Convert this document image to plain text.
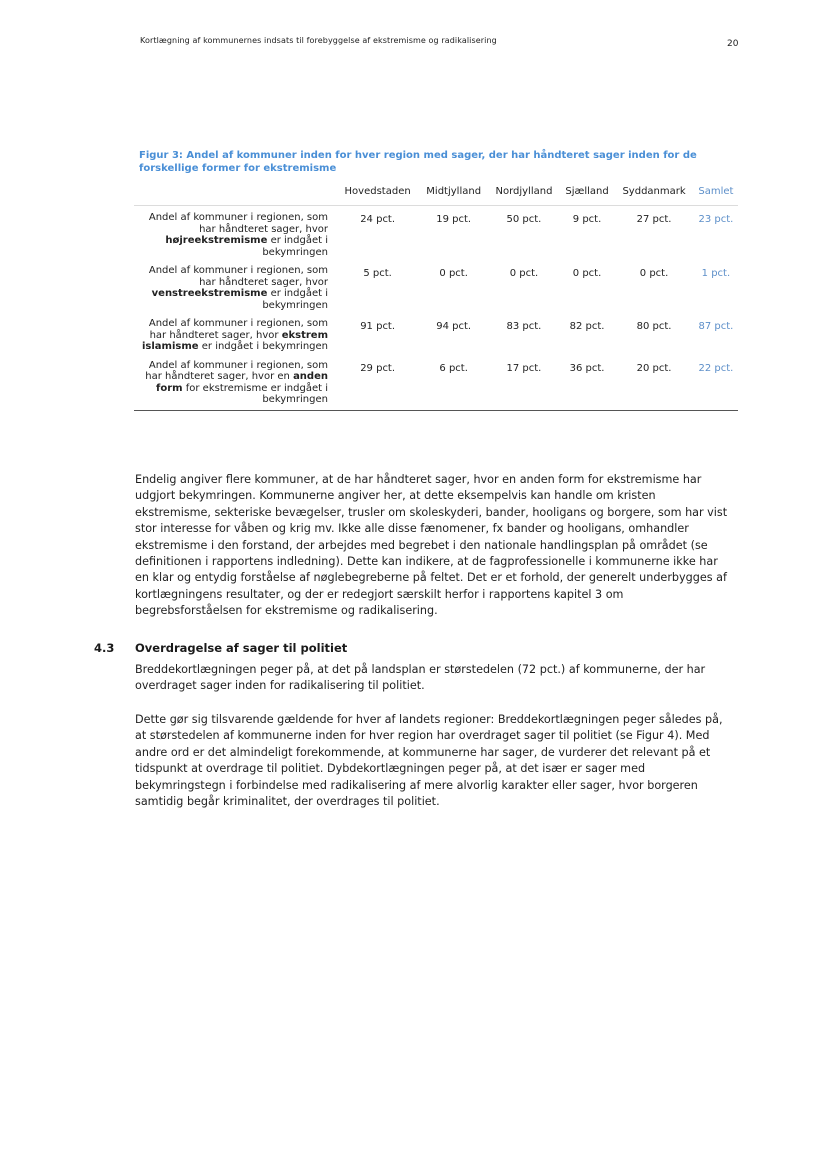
Kortlægning af kommunernes indsats til forebyggelse af ekstremisme og radikalisering	20
Figur 3: Andel af kommuner inden for hver region med sager, der har håndteret sager inden for de forskellige former for ekstremisme
	Hovedstaden	Midtjylland	Nordjylland	Sjælland	Syddanmark	Samlet
Andel af kommuner i regionen, som har håndteret sager, hvor højreekstremisme er indgået i bekymringen	24 pct.	19 pct.	50 pct.	9 pct.	27 pct.	23 pct.
Andel af kommuner i regionen, som har håndteret sager, hvor venstreekstremisme er indgået i bekymringen	5 pct.	0 pct.	0 pct.	0 pct.	0 pct.	1 pct.
Andel af kommuner i regionen, som har håndteret sager, hvor ekstrem islamisme er indgået i bekymringen	91 pct.	94 pct.	83 pct.	82 pct.	80 pct.	87 pct.
Andel af kommuner i regionen, som har håndteret sager, hvor en anden form for ekstremisme er indgået i bekymringen	29 pct.	6 pct.	17 pct.	36 pct.	20 pct.	22 pct.

Endelig angiver flere kommuner, at de har håndteret sager, hvor en anden form for ekstremisme har udgjort bekymringen. Kommunerne angiver her, at dette eksempelvis kan handle om kristen ekstremisme, sekteriske bevægelser, trusler om skoleskyderi, bander, hooligans og borgere, som har vist stor interesse for våben og krig mv. Ikke alle disse fænomener, fx bander og hooligans, omhandler ekstremisme i den forstand, der arbejdes med begrebet i den nationale handlingsplan på området (se definitionen i rapportens indledning). Dette kan indikere, at de fagprofessionelle i kommunerne ikke har en klar og entydig forståelse af nøglebegreberne på feltet. Det er et forhold, der generelt underbygges af kortlægningens resultater, og der er redegjort særskilt herfor i rapportens kapitel 3 om begrebsforståelsen for ekstremisme og radikalisering.

4.3 Overdragelse af sager til politiet

Breddekortlægningen peger på, at det på landsplan er størstedelen (72 pct.) af kommunerne, der har overdraget sager inden for radikalisering til politiet.

Dette gør sig tilsvarende gældende for hver af landets regioner: Breddekortlægningen peger således på, at størstedelen af kommunerne inden for hver region har overdraget sager til politiet (se Figur 4). Med andre ord er det almindeligt forekommende, at kommunerne har sager, de vurderer det relevant på et tidspunkt at overdrage til politiet. Dybdekortlægningen peger på, at det især er sager med bekymringstegn i forbindelse med radikalisering af mere alvorlig karakter eller sager, hvor borgeren samtidig begår kriminalitet, der overdrages til politiet.
